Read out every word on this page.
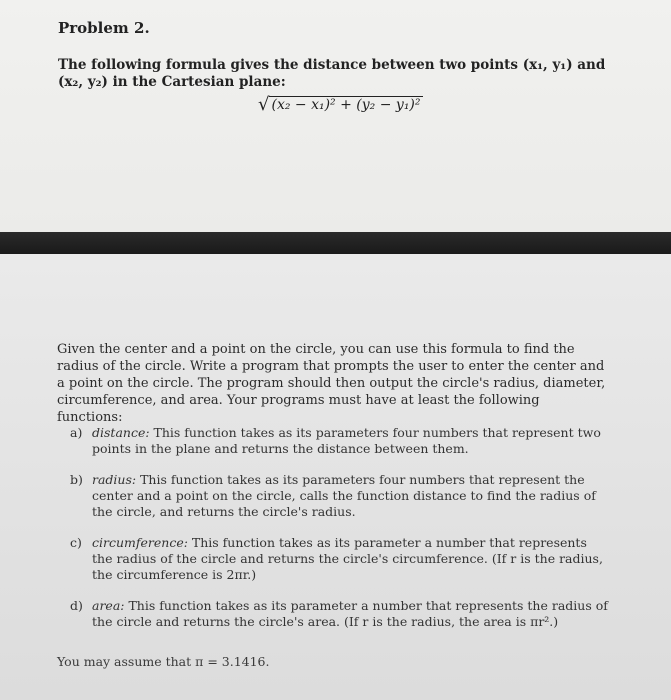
Problem 2.
The following formula gives the distance between two points (x₁, y₁) and (x₂, y₂) in the Cartesian plane:
√ (x₂ − x₁)² + (y₂ − y₁)²
Given the center and a point on the circle, you can use this formula to find the radius of the circle. Write a program that prompts the user to enter the center and a point on the circle. The program should then output the circle's radius, diameter, circumference, and area. Your programs must have at least the following functions:
a) distance: This function takes as its parameters four numbers that represent two points in the plane and returns the distance between them.
b) radius: This function takes as its parameters four numbers that represent the center and a point on the circle, calls the function distance to find the radius of the circle, and returns the circle's radius.
c) circumference: This function takes as its parameter a number that represents the radius of the circle and returns the circle's circumference. (If r is the radius, the circumference is 2πr.)
d) area: This function takes as its parameter a number that represents the radius of the circle and returns the circle's area. (If r is the radius, the area is πr².)
You may assume that π = 3.1416.
